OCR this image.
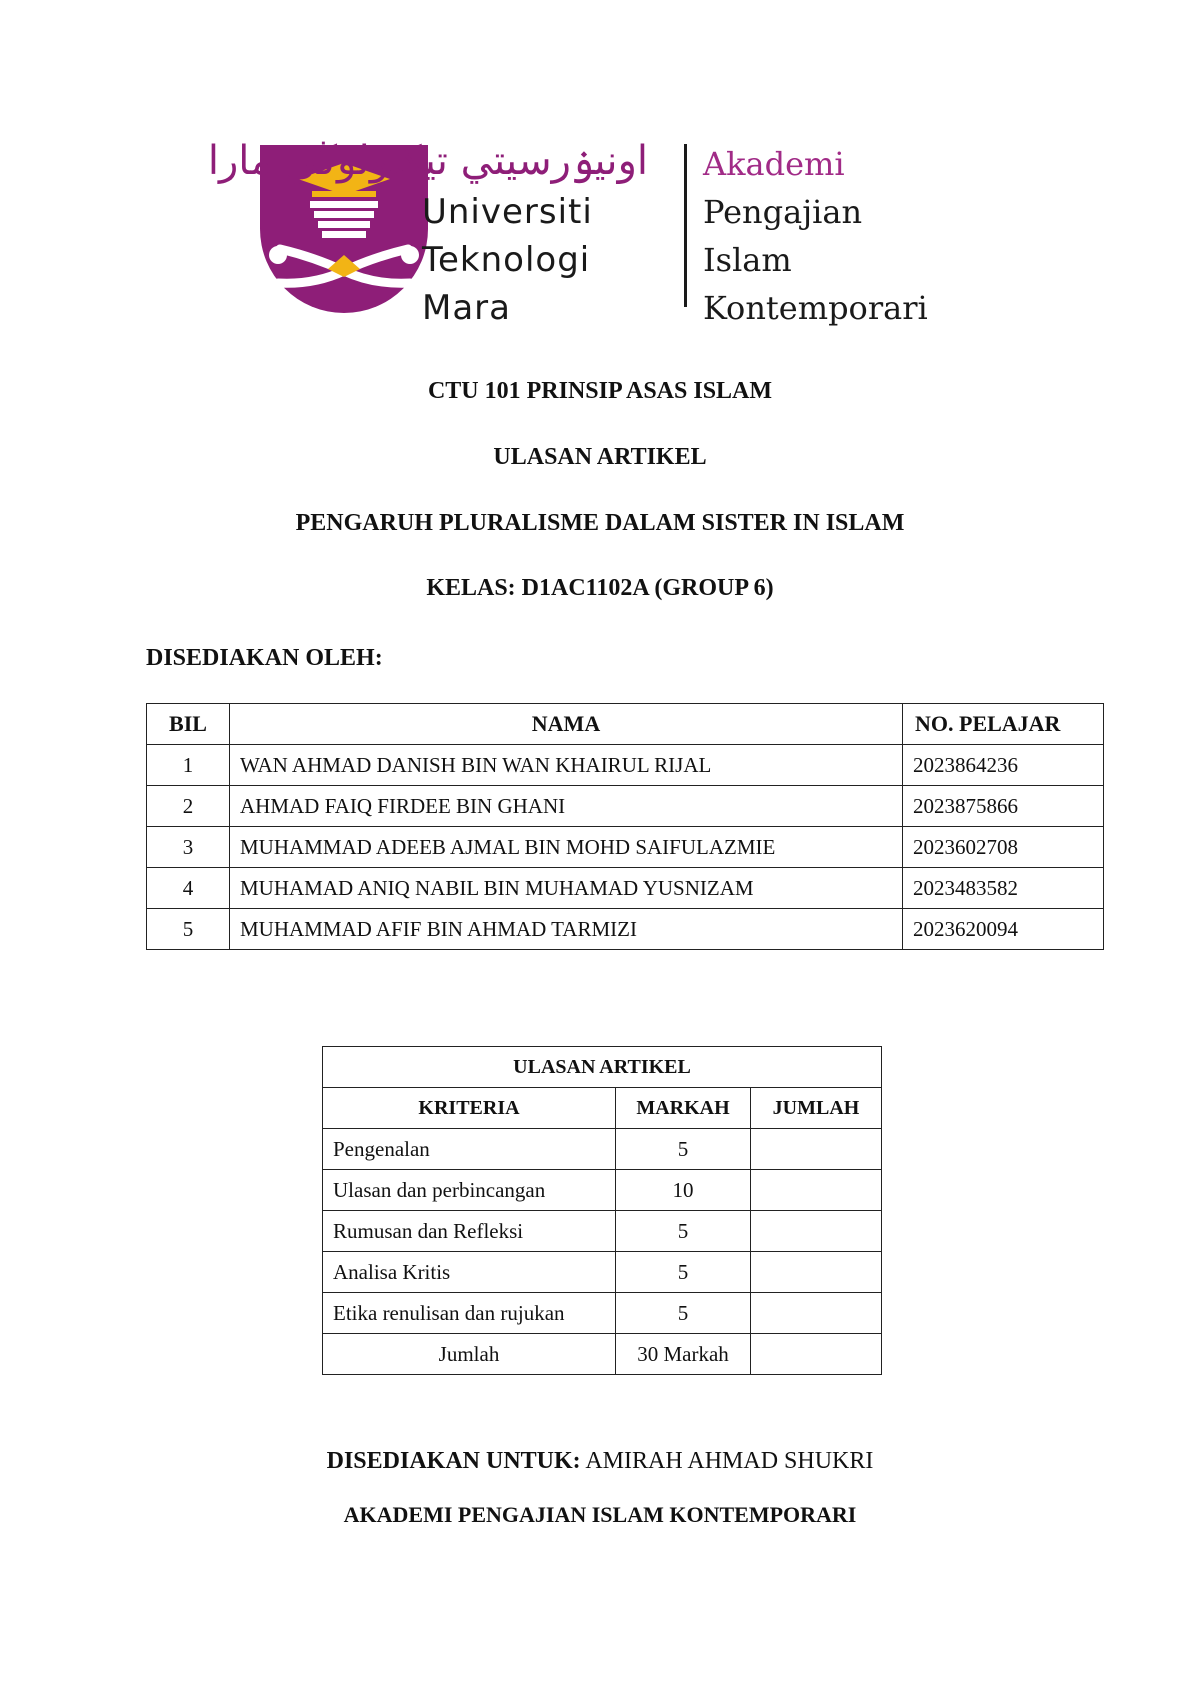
اونيۏرسيتي تيكنولوڬي مارا
Universiti
Teknologi
Mara
Akademi
Pengajian Islam
Kontemporari
CTU 101 PRINSIP ASAS ISLAM
ULASAN ARTIKEL
PENGARUH PLURALISME DALAM SISTER IN ISLAM
KELAS: D1AC1102A (GROUP 6)
DISEDIAKAN OLEH:
BIL	NAMA	NO. PELAJAR
1	WAN AHMAD DANISH BIN WAN KHAIRUL RIJAL	2023864236
2	AHMAD FAIQ FIRDEE BIN GHANI	2023875866
3	MUHAMMAD ADEEB AJMAL BIN MOHD SAIFULAZMIE	2023602708
4	MUHAMAD ANIQ NABIL BIN MUHAMAD YUSNIZAM	2023483582
5	MUHAMMAD AFIF BIN AHMAD TARMIZI	2023620094
ULASAN ARTIKEL		
KRITERIA	MARKAH	JUMLAH
Pengenalan	5	
Ulasan dan perbincangan	10	
Rumusan dan Refleksi	5	
Analisa Kritis	5	
Etika renulisan dan rujukan	5	
Jumlah	30 Markah	
DISEDIAKAN UNTUK: AMIRAH AHMAD SHUKRI
AKADEMI PENGAJIAN ISLAM KONTEMPORARI
